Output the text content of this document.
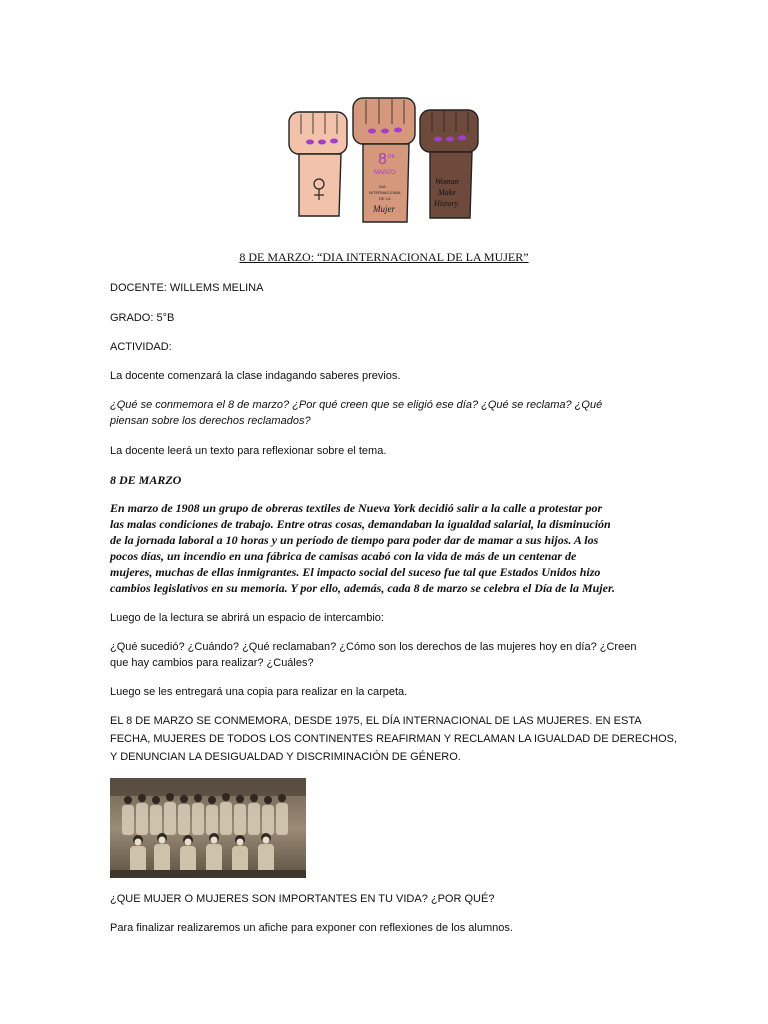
8 DE
MARZO
DIA
INTERNACIONAL
DE LA
Mujer
Woman
Make
History
8 DE MARZO: “DIA INTERNACIONAL DE LA MUJER”
DOCENTE: WILLEMS MELINA
GRADO: 5°B
ACTIVIDAD:
La docente comenzará la clase indagando saberes previos.
¿Qué se conmemora el 8 de marzo? ¿Por qué creen que se eligió ese día? ¿Qué se reclama? ¿Qué
piensan sobre los derechos reclamados?
La docente leerá un texto para reflexionar sobre el tema.
8 DE MARZO
En marzo de 1908 un grupo de obreras textiles de Nueva York decidió salir a la calle a protestar por
las malas condiciones de trabajo. Entre otras cosas, demandaban la igualdad salarial, la disminución
de la jornada laboral a 10 horas y un período de tiempo para poder dar de mamar a sus hijos. A los
pocos días, un incendio en una fábrica de camisas acabó con la vida de más de un centenar de
mujeres, muchas de ellas inmigrantes. El impacto social del suceso fue tal que Estados Unidos hizo
cambios legislativos en su memoria. Y por ello, además, cada 8 de marzo se celebra el Día de la Mujer.
Luego de la lectura se abrirá un espacio de intercambio:
¿Qué sucedió? ¿Cuándo? ¿Qué reclamaban? ¿Cómo son los derechos de las mujeres hoy en día? ¿Creen
que hay cambios para realizar? ¿Cuáles?
Luego se les entregará una copia para realizar en la carpeta.
EL 8 DE MARZO SE CONMEMORA, DESDE 1975, EL DÍA INTERNACIONAL DE LAS MUJERES. EN ESTA
FECHA, MUJERES DE TODOS LOS CONTINENTES REAFIRMAN Y RECLAMAN LA IGUALDAD DE DERECHOS,
Y DENUNCIAN LA DESIGUALDAD Y DISCRIMINACIÓN DE GÉNERO.
¿QUE MUJER O MUJERES SON IMPORTANTES EN TU VIDA? ¿POR QUÉ?
Para finalizar realizaremos un afiche para exponer con reflexiones de los alumnos.
